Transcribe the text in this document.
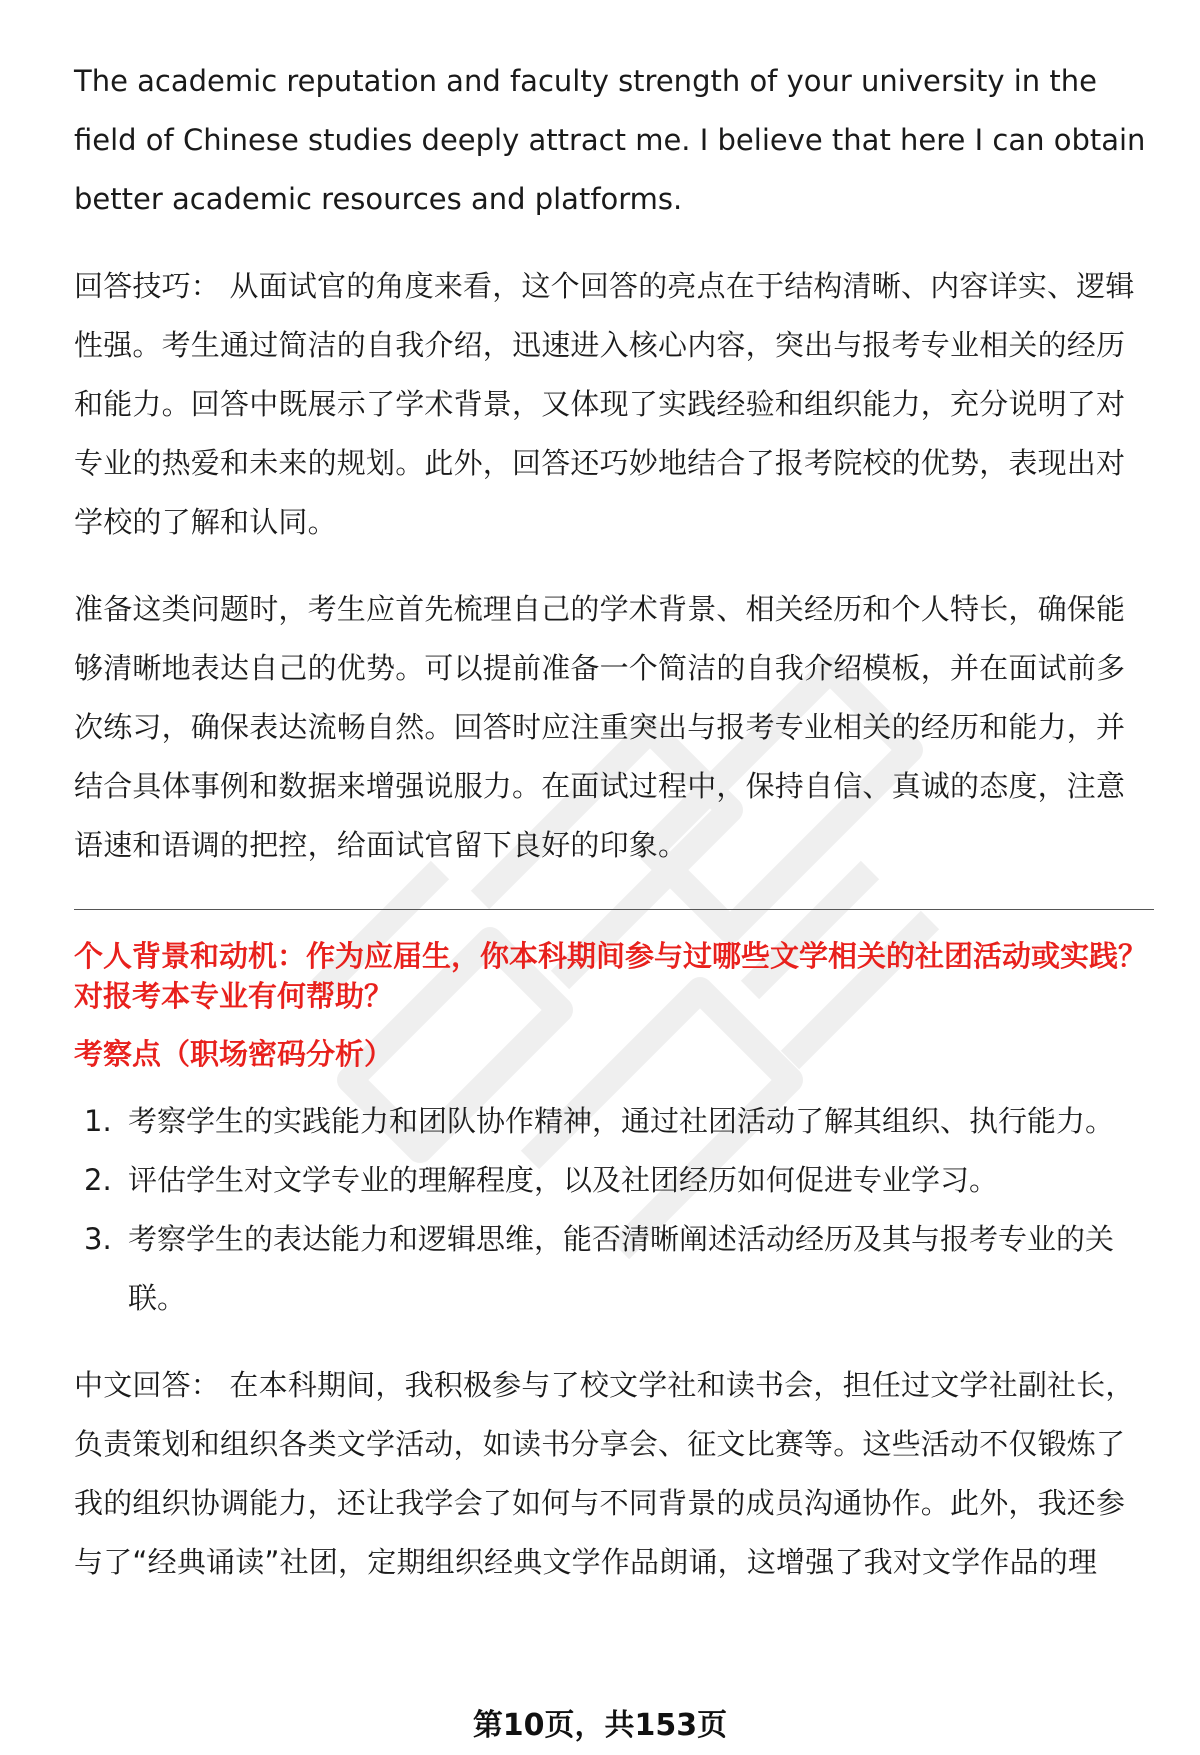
The academic reputation and faculty strength of your university in the field of Chinese studies deeply attract me. I believe that here I can obtain better academic resources and platforms.

回答技巧： 从面试官的角度来看，这个回答的亮点在于结构清晰、内容详实、逻辑性强。考生通过简洁的自我介绍，迅速进入核心内容，突出与报考专业相关的经历和能力。回答中既展示了学术背景，又体现了实践经验和组织能力，充分说明了对专业的热爱和未来的规划。此外，回答还巧妙地结合了报考院校的优势，表现出对学校的了解和认同。

准备这类问题时，考生应首先梳理自己的学术背景、相关经历和个人特长，确保能够清晰地表达自己的优势。可以提前准备一个简洁的自我介绍模板，并在面试前多次练习，确保表达流畅自然。回答时应注重突出与报考专业相关的经历和能力，并结合具体事例和数据来增强说服力。在面试过程中，保持自信、真诚的态度，注意语速和语调的把控，给面试官留下良好的印象。

个人背景和动机：作为应届生，你本科期间参与过哪些文学相关的社团活动或实践？对报考本专业有何帮助？
考察点（职场密码分析）
1. 考察学生的实践能力和团队协作精神，通过社团活动了解其组织、执行能力。
2. 评估学生对文学专业的理解程度，以及社团经历如何促进专业学习。
3. 考察学生的表达能力和逻辑思维，能否清晰阐述活动经历及其与报考专业的关联。

中文回答： 在本科期间，我积极参与了校文学社和读书会，担任过文学社副社长，负责策划和组织各类文学活动，如读书分享会、征文比赛等。这些活动不仅锻炼了我的组织协调能力，还让我学会了如何与不同背景的成员沟通协作。此外，我还参与了“经典诵读”社团，定期组织经典文学作品朗诵，这增强了我对文学作品的理

第10页，共153页
